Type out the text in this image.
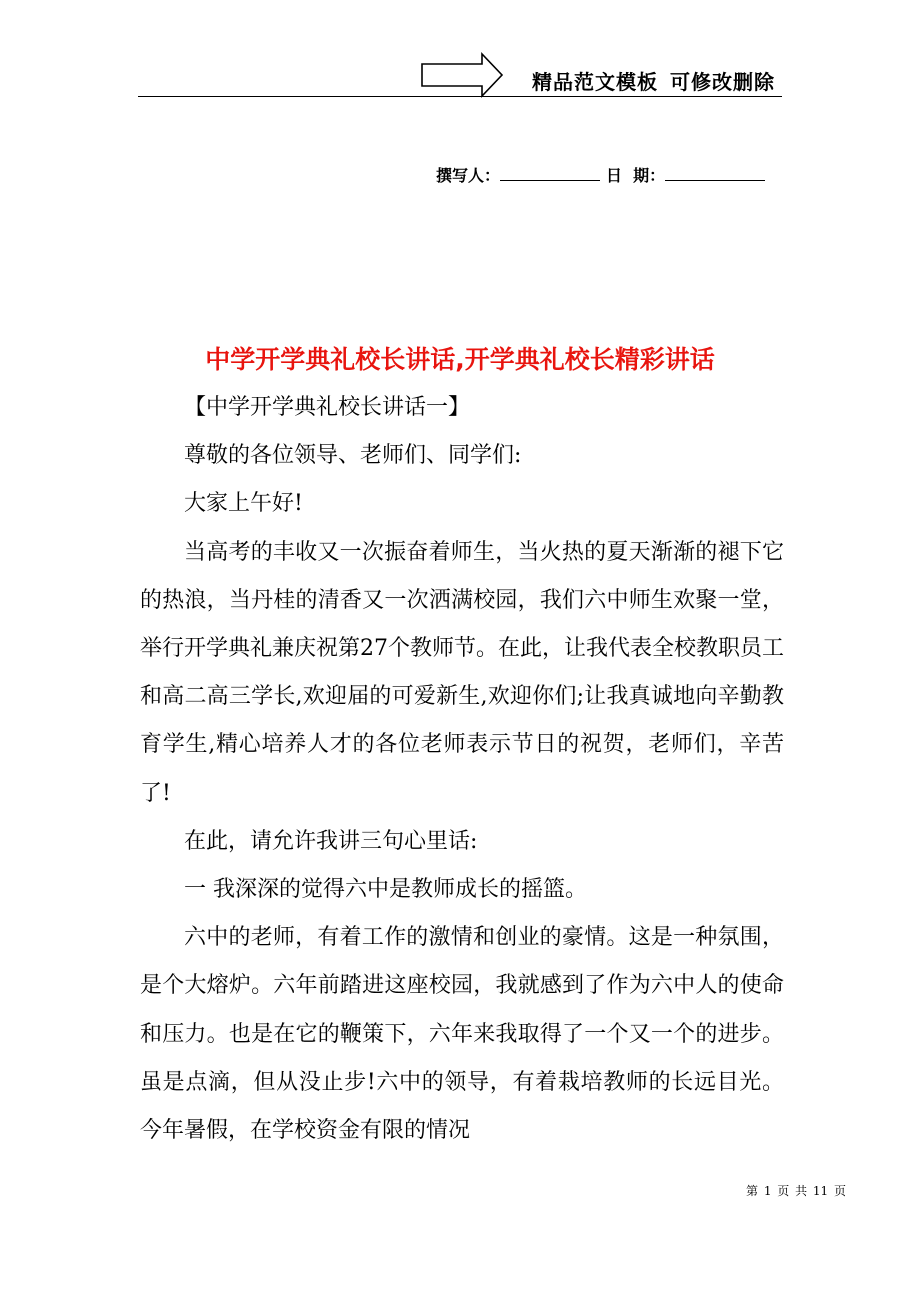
精品范文模板 可修改删除
撰写人：	日  期：
中学开学典礼校长讲话,开学典礼校长精彩讲话

【中学开学典礼校长讲话一】

尊敬的各位领导、老师们、同学们:

大家上午好!

当高考的丰收又一次振奋着师生，当火热的夏天渐渐的褪下它的热浪，当丹桂的清香又一次洒满校园，我们六中师生欢聚一堂，举行开学典礼兼庆祝第27个教师节。在此，让我代表全校教职员工和高二高三学长,欢迎届的可爱新生,欢迎你们;让我真诚地向辛勤教育学生,精心培养人才的各位老师表示节日的祝贺，老师们，辛苦了!

在此，请允许我讲三句心里话:

一 我深深的觉得六中是教师成长的摇篮。

六中的老师，有着工作的激情和创业的豪情。这是一种氛围，是个大熔炉。六年前踏进这座校园，我就感到了作为六中人的使命和压力。也是在它的鞭策下，六年来我取得了一个又一个的进步。虽是点滴，但从没止步!六中的领导，有着栽培教师的长远目光。今年暑假，在学校资金有限的情况

第 1 页 共 11 页
